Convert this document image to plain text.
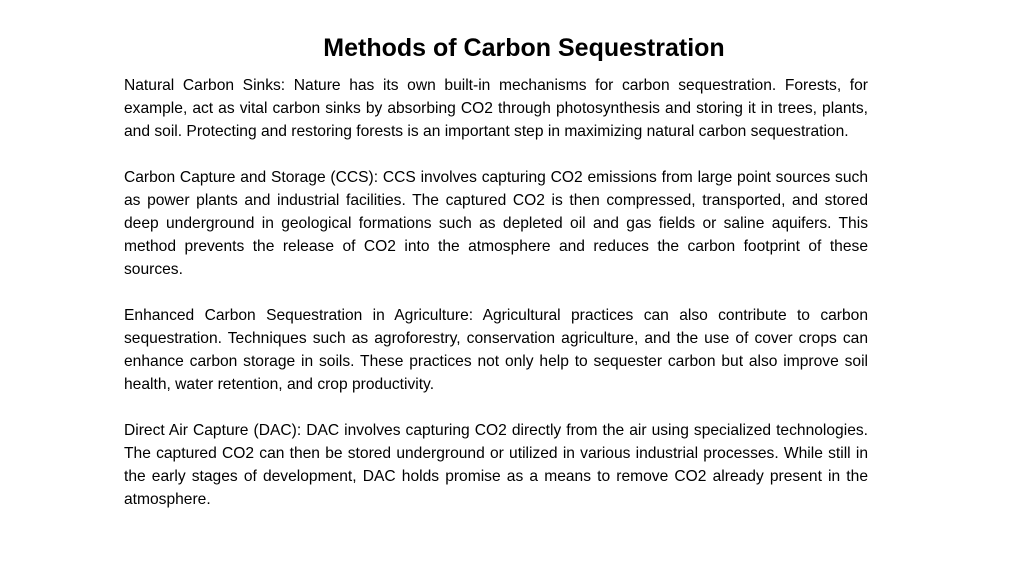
Methods of Carbon Sequestration

Natural Carbon Sinks: Nature has its own built-in mechanisms for carbon sequestration. Forests, for example, act as vital carbon sinks by absorbing CO2 through photosynthesis and storing it in trees, plants, and soil. Protecting and restoring forests is an important step in maximizing natural carbon sequestration.

Carbon Capture and Storage (CCS): CCS involves capturing CO2 emissions from large point sources such as power plants and industrial facilities. The captured CO2 is then compressed, transported, and stored deep underground in geological formations such as depleted oil and gas fields or saline aquifers. This method prevents the release of CO2 into the atmosphere and reduces the carbon footprint of these sources.

Enhanced Carbon Sequestration in Agriculture: Agricultural practices can also contribute to carbon sequestration. Techniques such as agroforestry, conservation agriculture, and the use of cover crops can enhance carbon storage in soils. These practices not only help to sequester carbon but also improve soil health, water retention, and crop productivity.

Direct Air Capture (DAC): DAC involves capturing CO2 directly from the air using specialized technologies. The captured CO2 can then be stored underground or utilized in various industrial processes. While still in the early stages of development, DAC holds promise as a means to remove CO2 already present in the atmosphere.
